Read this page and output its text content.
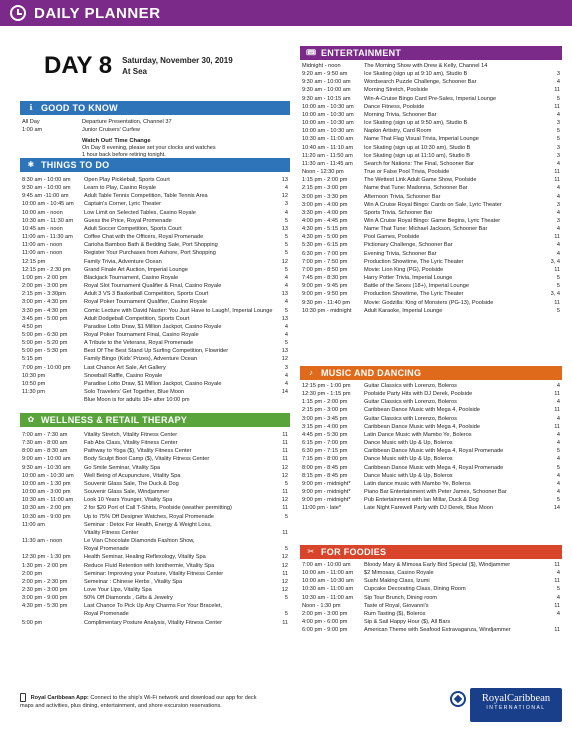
DAILY PLANNER
DAY 8 Saturday, November 30, 2019
At Sea
ℹ GOOD TO KNOW
All Day	Departure Presentation, Channel 37
1:00 am	Junior Cruisers' Curfew
Watch Out! Time Change
On Day 8 evening, please set your clocks and watches
1 hour back before retiring tonight.
✱ THINGS TO DO
8:30 am - 10:00 am	Open Play Pickleball, Sports Court	13
9:30 am - 10:00 am	Learn to Play, Casino Royale	4
9:45 am -11:00 am	Adult Table Tennis Competition, Table Tennis Area	12
10:00 am - 10:45 am	Captain's Corner, Lyric Theater	3
10:00 am - noon	Low Limit on Selected Tables, Casino Royale	4
10:30 am - 11:30 am	Guess the Price, Royal Promenade	5
10:45 am - noon	Adult Soccer Competition, Sports Court	13
11:00 am - 11:30 am	Coffee Chat with the Officers, Royal Promenade	5
11:00 am - noon	Carioha Bamboo Bath & Bedding Sale, Port Shopping	5
11:00 am - noon	Register Your Purchases from Ashore, Port Shopping	5
12:15 pm	Family Trivia, Adventure Ocean	12
12:15 pm - 2:30 pm	Grand Finale Art Auction, Imperial Lounge	5
1:00 pm - 2:00 pm	Blackjack Tournament, Casino Royale	4
2:00 pm - 3:00 pm	Royal Slot Tournament Qualifier & Final, Casino Royale	4
2:15 pm - 3:30pm	Adult 3 VS 3 Basketball Competition, Sports Court	13
3:00 pm - 4:30 pm	Royal Poker Tournament Qualifier, Casino Royale	4
3:30 pm - 4:30 pm	Comic Lecture with David Naster: You Just Have to Laugh!, Imperial Lounge	5
3:45 pm - 5:00 pm	Adult Dodgeball Competition, Sports Court	13
4:50 pm	Paradise Lotto Draw, $1 Million Jackpot, Casino Royale	4
5:00 pm - 6:30 pm	Royal Poker Tournament Final, Casino Royale	4
5:00 pm - 5:20 pm	A Tribute to the Veterans, Royal Promenade	5
5:00 pm - 5:30 pm	Best Of The Best Stand Up Surfing Competition, Flowrider	13
5:15 pm	Family Bingo (Kids' Prizes), Adventure Ocean	12
7:00 pm - 10:00 pm	Last Chance Art Sale, Art Gallery	3
10:30 pm	Snowball Raffle, Casino Royale	4
10:50 pm	Paradise Lotto Draw, $1 Million Jackpot, Casino Royale	4
11:30 pm	Solo Travelers' Get Together, Blue Moon	14
Blue Moon is for adults 18+ after 10:00 pm
✿ WELLNESS & RETAIL THERAPY
7:00 am - 7:30 am	Vitality Stretch, Vitality Fitness Center	11
7:30 am - 8:00 am	Fab Abs Class, Vitality Fitness Center	11
8:00 am - 8:30 am	Pathway to Yoga ($), Vitality Fitness Center	11
9:00 am - 10:00 am	Body Sculpt Boot Camp ($), Vitality Fitness Center	11
9:30 am - 10:30 am	Go Smile Seminar, Vitality Spa	12
10:00 am - 10:30 am	Well Being of Acupuncture, Vitality Spa	12
10:00 am - 1:30 pm	Souvenir Glass Sale, The Duck & Dog	5
10:00 am - 3:00 pm	Souvenir Glass Sale, Windjammer	11
10:30 am - 11:00 am	Look 10 Years Younger, Vitality Spa	12
10:30 am - 2:00 pm	2 for $20 Port of Call T-Shirts, Poolside (weather permitting)	11
10:30 am - 9:00 pm	Up to 75% Off Designer Watches, Royal Promenade	5
11:00 am	Seminar : Detox For Health, Energy & Weight Loss,
Vitality Fitness Center	11
11:30 am - noon	Le Vian Chocolate Diamonds Fashion Show,
Royal Promenade	5
12:30 pm - 1:30 pm	Health Seminar, Healing Reflexology, Vitality Spa	12
1:30 pm - 2:00 pm	Reduce Fluid Retention with Ionithermie, Vitality Spa	12
2:00 pm	Seminar: Improving your Posture, Vitality Fitness Center	11
2:00 pm - 2:30 pm	Semeinar : Chinese Herbs , Vitality Spa	12
2:30 pm - 3:00 pm	Love Your Lips, Vitality Spa	12
3:00 pm - 9:00 pm	50% Off Diamonds , Gifts & Jewelry	5
4:30 pm - 5:30 pm	Last Chance To Pick Up Any Charms For Your Bracelet,
Royal Promenade	5
5:00 pm	Complimentary Posture Analysis, Vitality Fitness Center	11
🎟 ENTERTAINMENT
Midnight - noon	The Morning Show with Drew & Kelly, Channel 14
9:20 am - 9:50 am	Ice Skating (sign up at 9:10 am), Studio B	3
9:30 am - 10:00 am	Wordsearch Puzzle Challenge, Schooner Bar	4
9:30 am - 10:00 am	Morning Stretch, Poolside	11
9:30 am - 10:15 am	Win-A-Cruise Bingo Card Pre-Sales, Imperial Lounge	5
10:00 am - 10:30 am	Dance Fitness, Poolside	11
10:00 am - 10:30 am	Morning Trivia, Schooner Bar	4
10:00 am - 10:30 am	Ice Skating (sign up at 9:50 am), Studio B	3
10:00 am - 10:30 am	Napkin Artistry, Card Room	5
10:30 am - 11:00 am	Name That Flag Visual Trivia, Imperial Lounge	5
10:40 am - 11:10 am	Ice Skating (sign up at 10:30 am), Studio B	3
11:20 am - 11:50 am	Ice Skating (sign up at 11:10 am), Studio B	3
11:30 am - 11:45 am	Search for Nations: The Final, Schooner Bar	4
Noon - 12:30 pm	True or False Pool Trivia, Poolside	11
1:15 pm - 2:00 pm	The Wettest Link Adult Game Show, Poolside	11
2:15 pm - 3:00 pm	Name that Tune: Madonna, Schooner Bar	4
3:00 pm - 3:30 pm	Afternoon Trivia, Schooner Bar	4
3:00 pm - 4:00 pm	Win A Cruise Royal Bingo: Cards on Sale, Lyric Theater	3
3:30 pm - 4:00 pm	Sports Trivia, Schooner Bar	4
4:00 pm - 4:45 pm	Win A Cruise Royal Bingo: Game Begins, Lyric Theater	3
4:30 pm - 5:15 pm	Name That Tune: Michael Jackson, Schooner Bar	4
4:30 pm - 5:00 pm	Pool Games, Poolside	11
5:30 pm - 6:15 pm	Pictionary Challenge, Schooner Bar	4
6:30 pm - 7:00 pm	Evening Trivia, Schooner Bar	4
7:00 pm - 7:50 pm	Production Showtime, The Lyric Theater	3, 4
7:00 pm - 8:50 pm	Movie: Lion King (PG), Poolside	11
7:45 pm - 8:30 pm	Harry Potter Trivia, Imperial Lounge	5
9:00 pm - 9:45 pm	Battle of the Sexes (18+), Imperial Lounge	5
9:00 pm - 9:50 pm	Production Showtime, The Lyric Theater	3, 4
9:30 pm - 11:40 pm	Movie: Godzilla: King of Monsters (PG-13), Poolside	11
10:30 pm - midnight	Adult Karaoke, Imperial Lounge	5
♪ MUSIC AND DANCING
12:15 pm - 1:00 pm	Guitar Classics with Lorenzo, Boleros	4
12:30 pm - 1:15 pm	Poolside Party Hits with DJ Derek, Poolside	11
1:15 pm - 2:00 pm	Guitar Classics with Lorenzo, Boleros	4
2:15 pm - 3:00 pm	Caribbean Dance Music with Mega 4, Poolside	11
3:00 pm - 3:45 pm	Guitar Classics with Lorenzo, Boleros	4
3:15 pm - 4:00 pm	Caribbean Dance Music with Mega 4, Poolside	11
4:45 pm - 5:30 pm	Latin Dance Music with Mambo Ye, Boleros	4
6:15 pm - 7:00 pm	Dance Music with Up & Up, Boleros	4
6:30 pm - 7:15 pm	Caribbean Dance Music with Mega 4, Royal Promenade	5
7:15 pm - 8:00 pm	Dance Music with Up & Up, Boleros	4
8:00 pm - 8:45 pm	Caribbean Dance Music with Mega 4, Royal Promenade	5
8:15 pm - 8:45 pm	Dance Music with Up & Up, Boleros	4
9:00 pm - midnight*	Latin dance music with Mambo Ye, Boleros	4
9:00 pm - midnight*	Piano Bar Entertainment with Peter James, Schooner Bar	4
9:00 pm - midnight*	Pub Entertainment with Ian Millar, Duck & Dog	5
11:00 pm - late*	Late Night Farewell Party with DJ Derek, Blue Moon	14
✂ FOR FOODIES
7:00 am - 10:00 am	Bloody Mary & Mimosa Early Bird Special ($), Windjammer	11
10:00 am - 11:00 am	$2 Mimosas, Casino Royale	4
10:00 am - 10:30 am	Sushi Making Class, Izumi	11
10:30 am - 11:00 am	Cupcake Decorating Class, Dining Room	5
10:30 am - 11:00 am	Sip Tour Brunch, Dining room	4
Noon - 1:30 pm	Taste of Royal, Giovanni's	11
2:00 pm - 3:00 pm	Rum Tasting ($), Boleros	4
4:00 pm - 6:00 pm	Sip & Sail Happy Hour ($), All Bars
6:00 pm - 9:00 pm	American Theme with Seafood Extravaganza, Windjammer	11
Royal Caribbean App: Connect to the ship's Wi-Fi network and download our app for deck
maps and activities, plus dining, entertainment, and shore excursion reservations.
RoyalCaribbean
INTERNATIONAL
